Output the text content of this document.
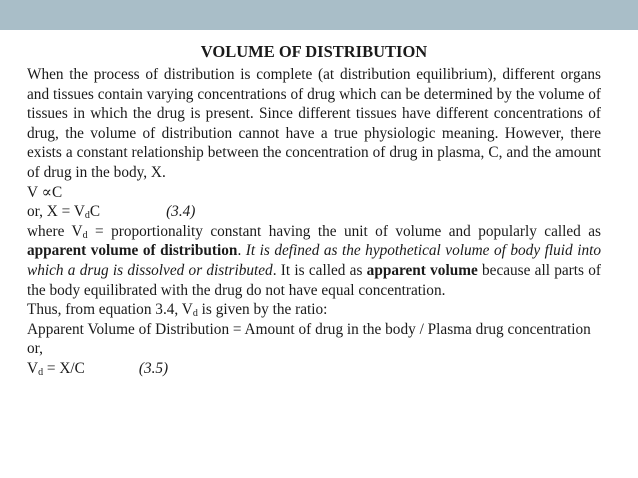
VOLUME OF DISTRIBUTION

When the process of distribution is complete (at distribution equilibrium), different organs and tissues contain varying concentrations of drug which can be determined by the volume of tissues in which the drug is present. Since different tissues have different concentrations of drug, the volume of distribution cannot have a true physiologic meaning. However, there exists a constant relationship between the concentration of drug in plasma, C, and the amount of drug in the body, X.

V ∝C

or, $X = V_dC$	(3.4)

where $V_d$ = proportionality constant having the unit of volume and popularly called as apparent volume of distribution. It is defined as the hypothetical volume of body fluid into which a drug is dissolved or distributed. It is called as apparent volume because all parts of the body equilibrated with the drug do not have equal concentration.

Thus, from equation 3.4, $V_d$ is given by the ratio:

Apparent Volume of Distribution = Amount of drug in the body / Plasma drug concentration

or,

$V_d = X/C$	(3.5)
